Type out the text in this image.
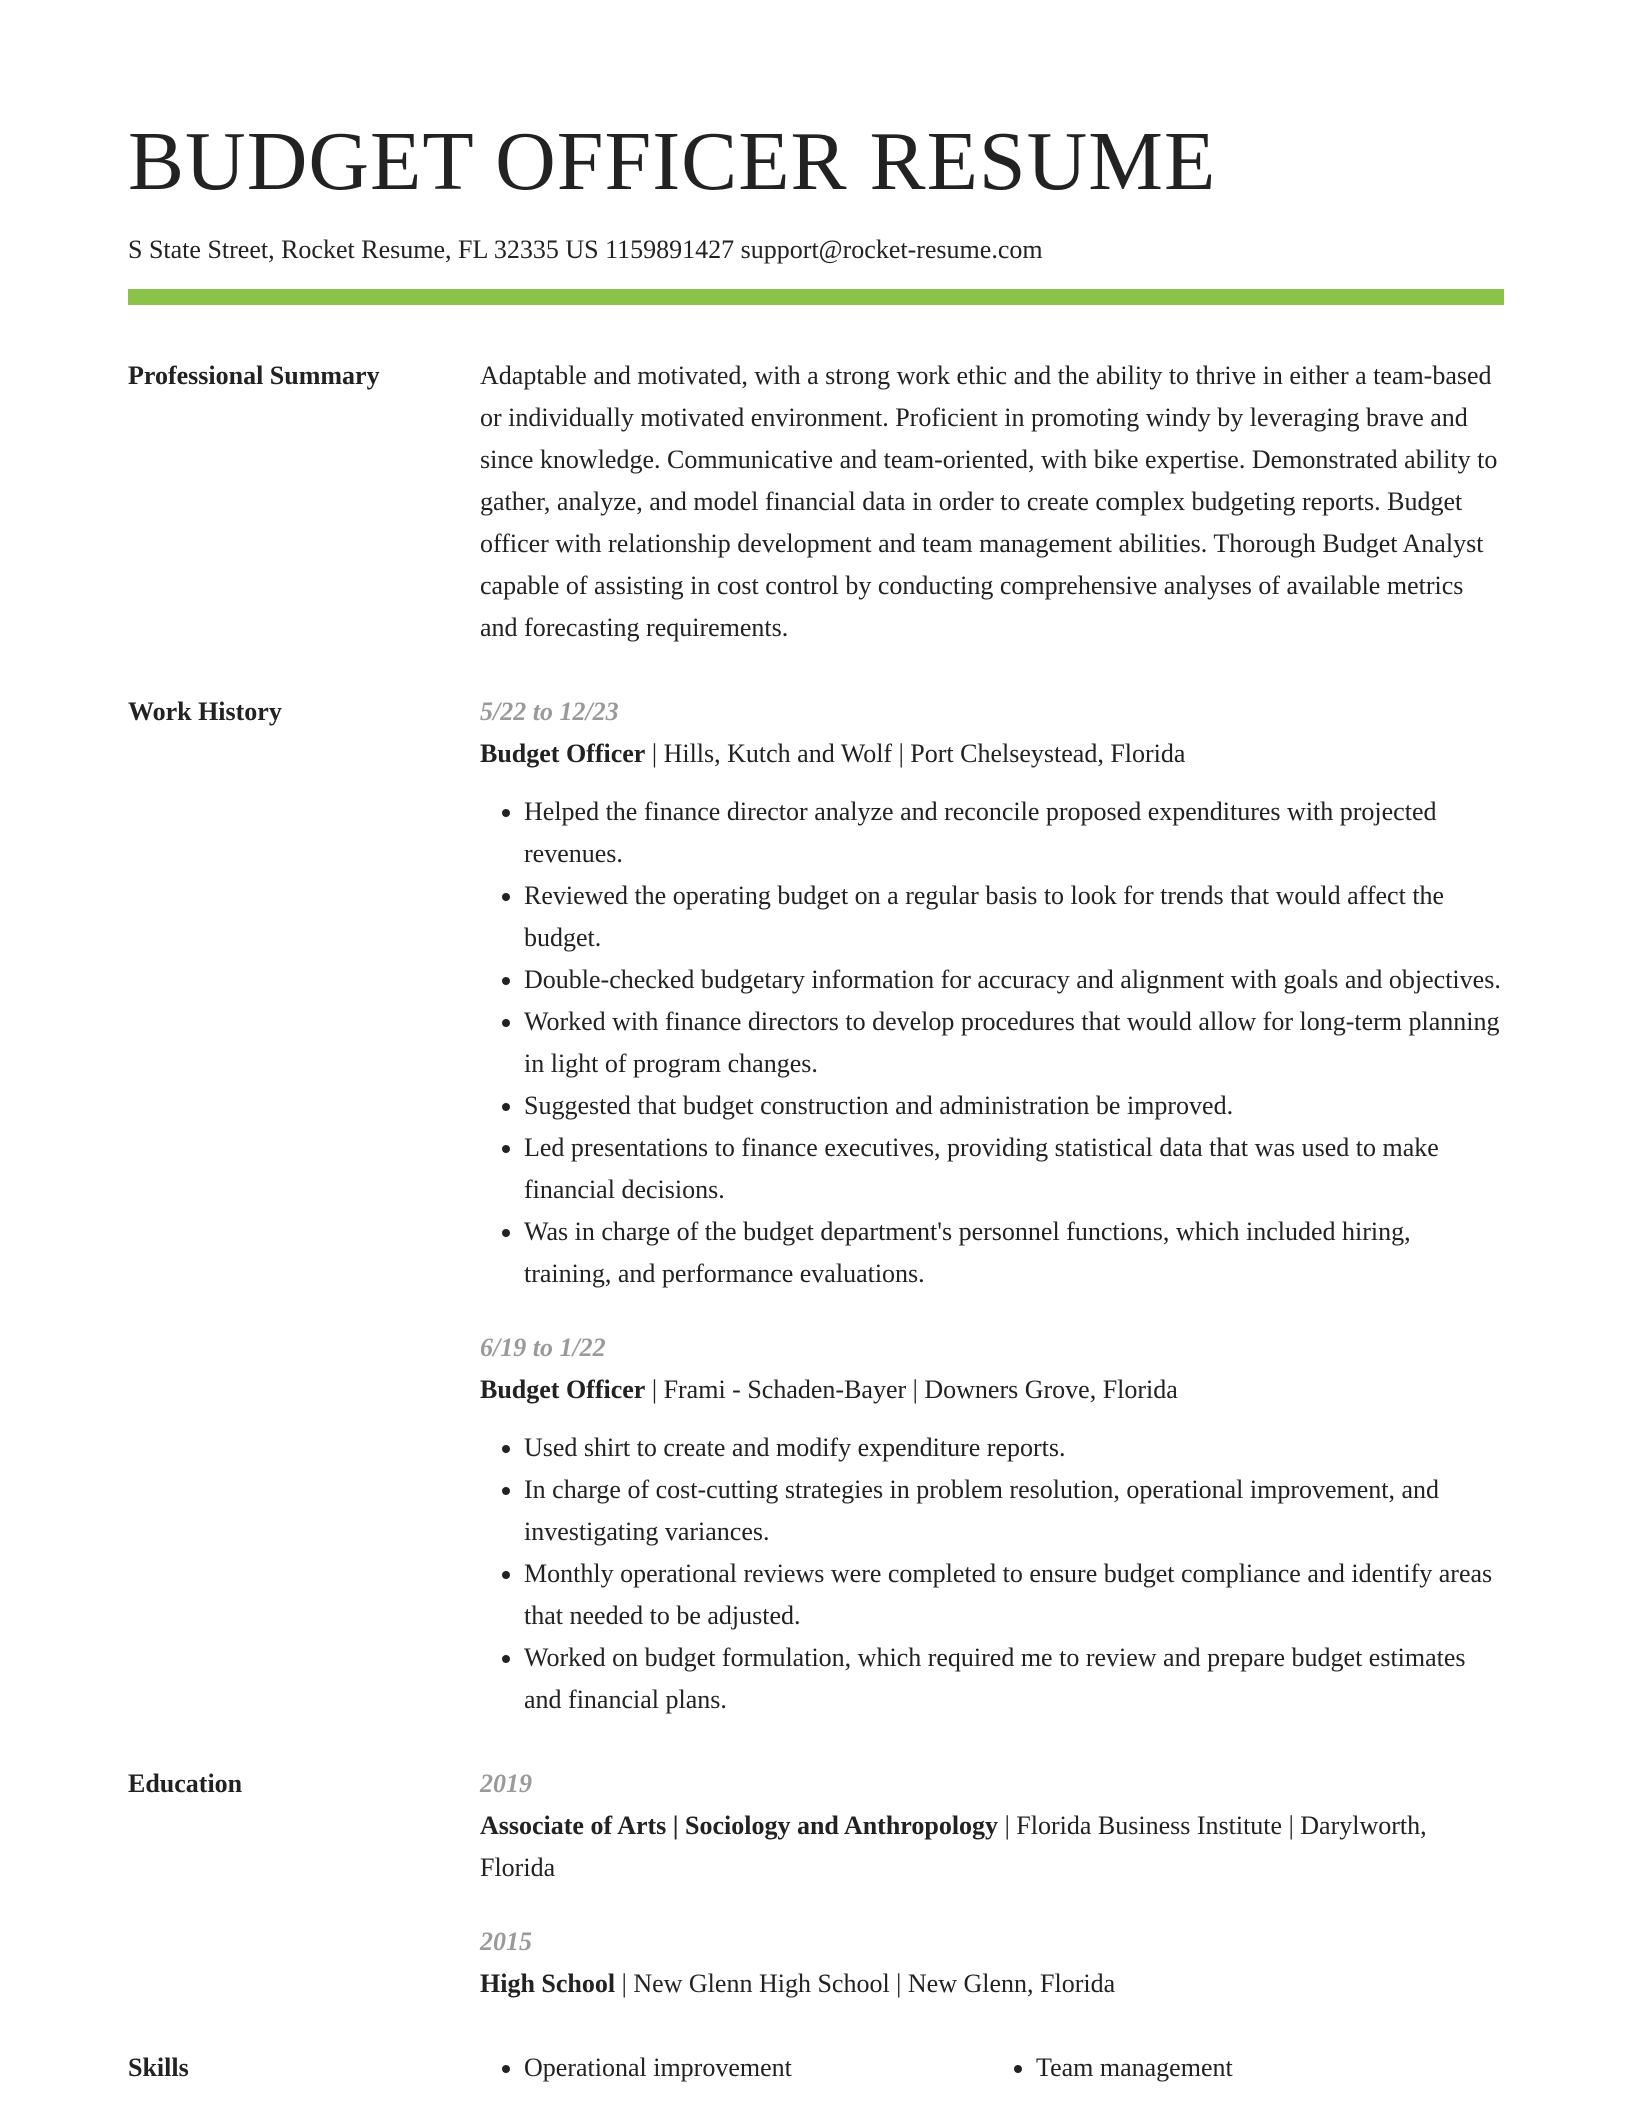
BUDGET OFFICER RESUME
S State Street, Rocket Resume, FL 32335 US 1159891427 support@rocket-resume.com
Professional Summary	Adaptable and motivated, with a strong work ethic and the ability to thrive in either a team-based or individually motivated environment. Proficient in promoting windy by leveraging brave and since knowledge. Communicative and team-oriented, with bike expertise. Demonstrated ability to gather, analyze, and model financial data in order to create complex budgeting reports. Budget officer with relationship development and team management abilities. Thorough Budget Analyst capable of assisting in cost control by conducting comprehensive analyses of available metrics and forecasting requirements.

Work History	5/22 to 12/23
Budget Officer | Hills, Kutch and Wolf | Port Chelseystead, Florida
• Helped the finance director analyze and reconcile proposed expenditures with projected revenues.
• Reviewed the operating budget on a regular basis to look for trends that would affect the budget.
• Double-checked budgetary information for accuracy and alignment with goals and objectives.
• Worked with finance directors to develop procedures that would allow for long-term planning in light of program changes.
• Suggested that budget construction and administration be improved.
• Led presentations to finance executives, providing statistical data that was used to make financial decisions.
• Was in charge of the budget department's personnel functions, which included hiring, training, and performance evaluations.
6/19 to 1/22
Budget Officer | Frami - Schaden-Bayer | Downers Grove, Florida
• Used shirt to create and modify expenditure reports.
• In charge of cost-cutting strategies in problem resolution, operational improvement, and investigating variances.
• Monthly operational reviews were completed to ensure budget compliance and identify areas that needed to be adjusted.
• Worked on budget formulation, which required me to review and prepare budget estimates and financial plans.
Education	2019
Associate of Arts | Sociology and Anthropology | Florida Business Institute | Darylworth, Florida
2015
High School | New Glenn High School | New Glenn, Florida
Skills	• Operational improvement	• Team management
